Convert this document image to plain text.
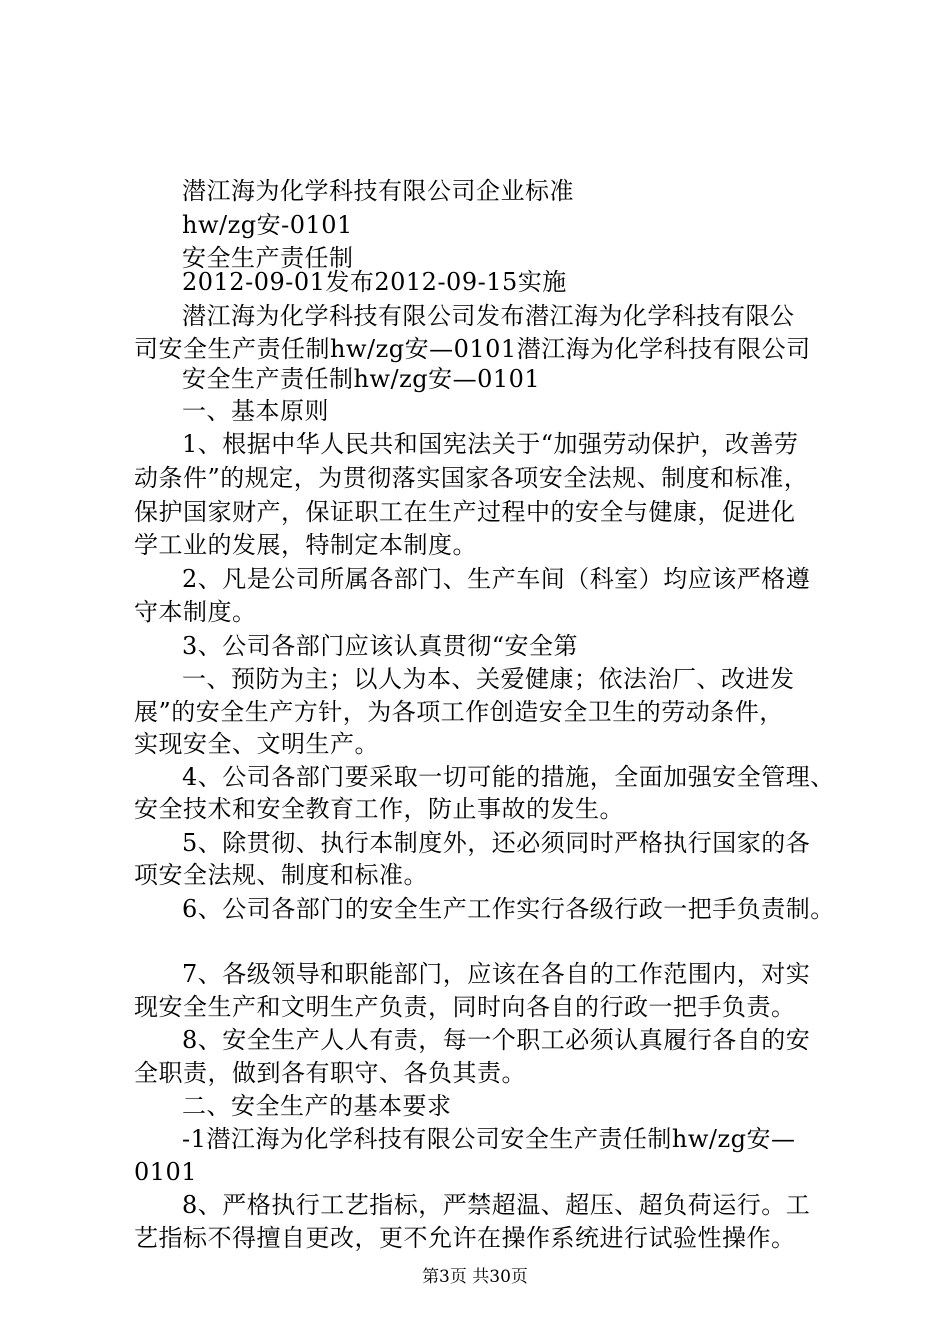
潜江海为化学科技有限公司企业标准
hw/zg安-0101
安全生产责任制
2012-09-01发布2012-09-15实施
潜江海为化学科技有限公司发布潜江海为化学科技有限公
司安全生产责任制hw/zg安—0101潜江海为化学科技有限公司
安全生产责任制hw/zg安—0101
一、基本原则
1、根据中华人民共和国宪法关于“加强劳动保护，改善劳
动条件”的规定，为贯彻落实国家各项安全法规、制度和标准，
保护国家财产，保证职工在生产过程中的安全与健康，促进化
学工业的发展，特制定本制度。
2、凡是公司所属各部门、生产车间（科室）均应该严格遵
守本制度。
3、公司各部门应该认真贯彻“安全第
一、预防为主；以人为本、关爱健康；依法治厂、改进发
展”的安全生产方针，为各项工作创造安全卫生的劳动条件，
实现安全、文明生产。
4、公司各部门要采取一切可能的措施，全面加强安全管理、
安全技术和安全教育工作，防止事故的发生。
5、除贯彻、执行本制度外，还必须同时严格执行国家的各
项安全法规、制度和标准。
6、公司各部门的安全生产工作实行各级行政一把手负责制。
7、各级领导和职能部门，应该在各自的工作范围内，对实
现安全生产和文明生产负责，同时向各自的行政一把手负责。
8、安全生产人人有责，每一个职工必须认真履行各自的安
全职责，做到各有职守、各负其责。
二、安全生产的基本要求
-1潜江海为化学科技有限公司安全生产责任制hw/zg安—
0101
8、严格执行工艺指标，严禁超温、超压、超负荷运行。工
艺指标不得擅自更改，更不允许在操作系统进行试验性操作。
第3页 共30页
